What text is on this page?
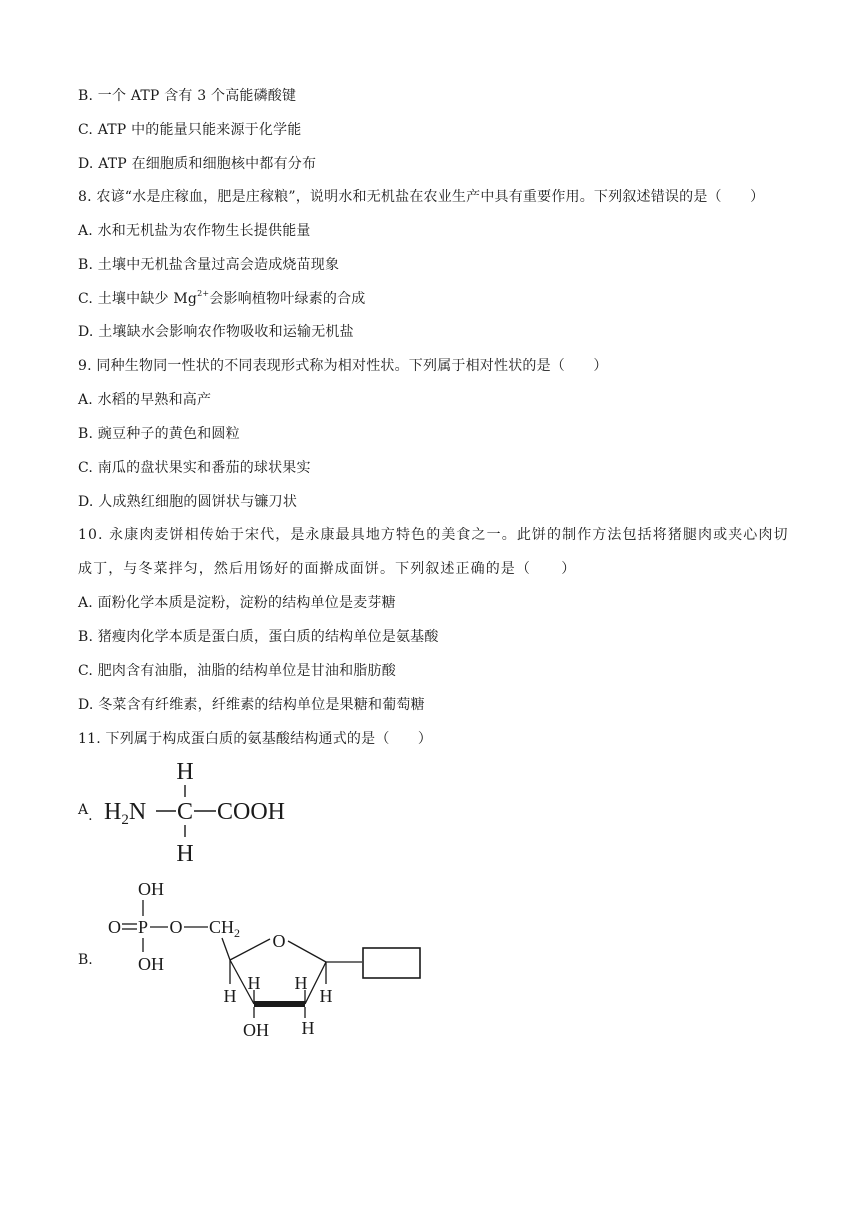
B. 一个 ATP 含有 3 个高能磷酸键
C. ATP 中的能量只能来源于化学能
D. ATP 在细胞质和细胞核中都有分布
8. 农谚“水是庄稼血，肥是庄稼粮”，说明水和无机盐在农业生产中具有重要作用。下列叙述错误的是（　　）
A. 水和无机盐为农作物生长提供能量
B. 土壤中无机盐含量过高会造成烧苗现象
C. 土壤中缺少 $Mg^{2+}$会影响植物叶绿素的合成
D. 土壤缺水会影响农作物吸收和运输无机盐
9. 同种生物同一性状的不同表现形式称为相对性状。下列属于相对性状的是（　　）
A. 水稻的早熟和高产
B. 豌豆种子的黄色和圆粒
C. 南瓜的盘状果实和番茄的球状果实
D. 人成熟红细胞的圆饼状与镰刀状
10. 永康肉麦饼相传始于宋代，是永康最具地方特色的美食之一。此饼的制作方法包括将猪腿肉或夹心肉切
成丁，与冬菜拌匀，然后用饧好的面擀成面饼。下列叙述正确的是（　　）
A. 面粉化学本质是淀粉，淀粉的结构单位是麦芽糖
B. 猪瘦肉化学本质是蛋白质，蛋白质的结构单位是氨基酸
C. 肥肉含有油脂，油脂的结构单位是甘油和脂肪酸
D. 冬菜含有纤维素，纤维素的结构单位是果糖和葡萄糖
11. 下列属于构成蛋白质的氨基酸结构通式的是（　　）
A.
H
$H_2N$ C COOH
H
B.
OH
O P O $CH_2$
OH
O
H
H H
H
OH H
